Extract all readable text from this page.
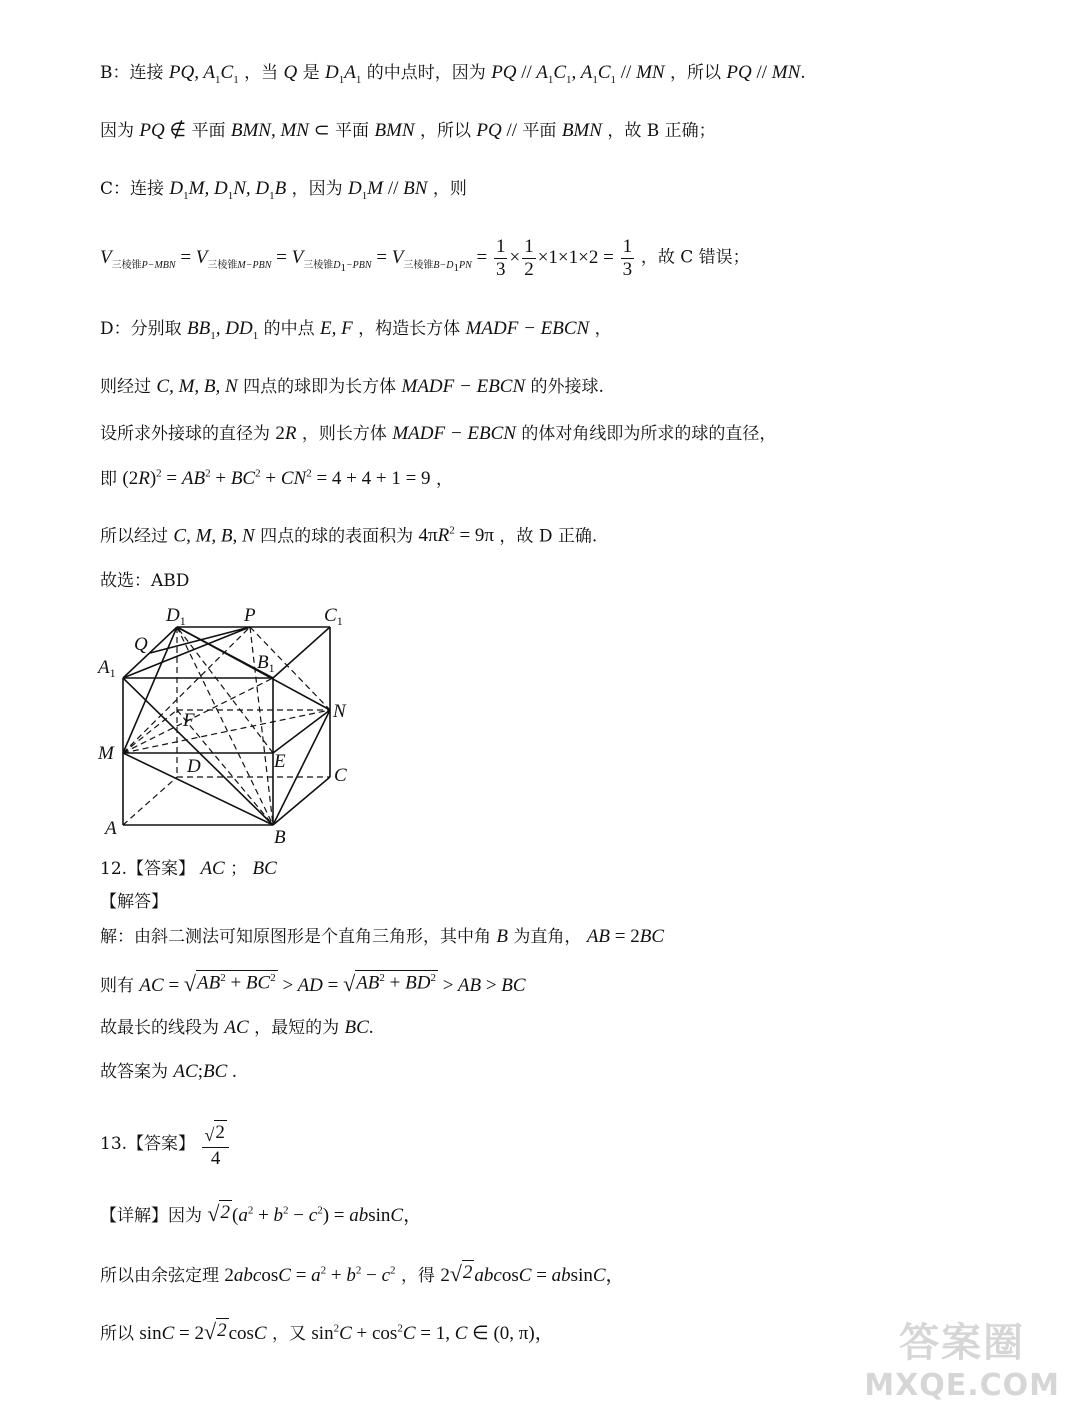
B：连接 PQ, $A_1C_1$ ，当 Q 是 $D_1A_1$ 的中点时，因为 PQ // $A_1C_1$, $A_1C_1$ // MN ，所以 PQ // MN.
因为 PQ ∉ 平面 BMN, MN ⊂ 平面 BMN ，所以 PQ // 平面 BMN ，故 B 正确；
C：连接 $D_1M$, $D_1N$, $D_1B$ ，因为 $D_1M$ // BN ，则
$V_{三棱锥P-MBN} = V_{三棱锥M-PBN} = V_{三棱锥D_1-PBN} = V_{三棱锥B-D_1PN} = \frac{1}{3} \times \frac{1}{2} \times 1\times 1\times 2 = \frac{1}{3}$ ，故 C 错误；
D：分别取 $BB_1$, $DD_1$ 的中点 E, F ，构造长方体 MADF − EBCN ，
则经过 C, M, B, N 四点的球即为长方体 MADF − EBCN 的外接球.
设所求外接球的直径为 2R ，则长方体 MADF − EBCN 的体对角线即为所求的球的直径，
即 $(2R)^2 = AB^2 + BC^2 + CN^2 = 4 + 4 + 1 = 9$ ，
所以经过 C, M, B, N 四点的球的表面积为 $4\pi R^2 = 9\pi$ ，故 D 正确.
故选：ABD
$D_1$	P	$C_1$
Q
$B_1$
$A_1$
N
F
M
D	E
C
A	B
12.【答案】 AC ； BC
【解答】
解：由斜二测法可知原图形是个直角三角形，其中角 B 为直角， AB = 2BC
则有 AC = √ $AB^2 + BC^2$ > AD = √ $AB^2 + BD^2$ > AB > BC
故最长的线段为 AC ，最短的为 BC.
故答案为 AC;BC .
13.【答案】 $\frac{√ 2}{4}$
【详解】因为 √ 2 $(a^2 + b^2 - c^2) = absinC$，
所以由余弦定理 $2abcosC = a^2 + b^2 - c^2$ ，得 2 √ 2 abcosC = absinC，
所以 sinC = 2 √ 2 cosC ，又 $\sin^2C + \cos^2C = 1$, C ∈ (0, π)，	答案圈
MXQE.COM
